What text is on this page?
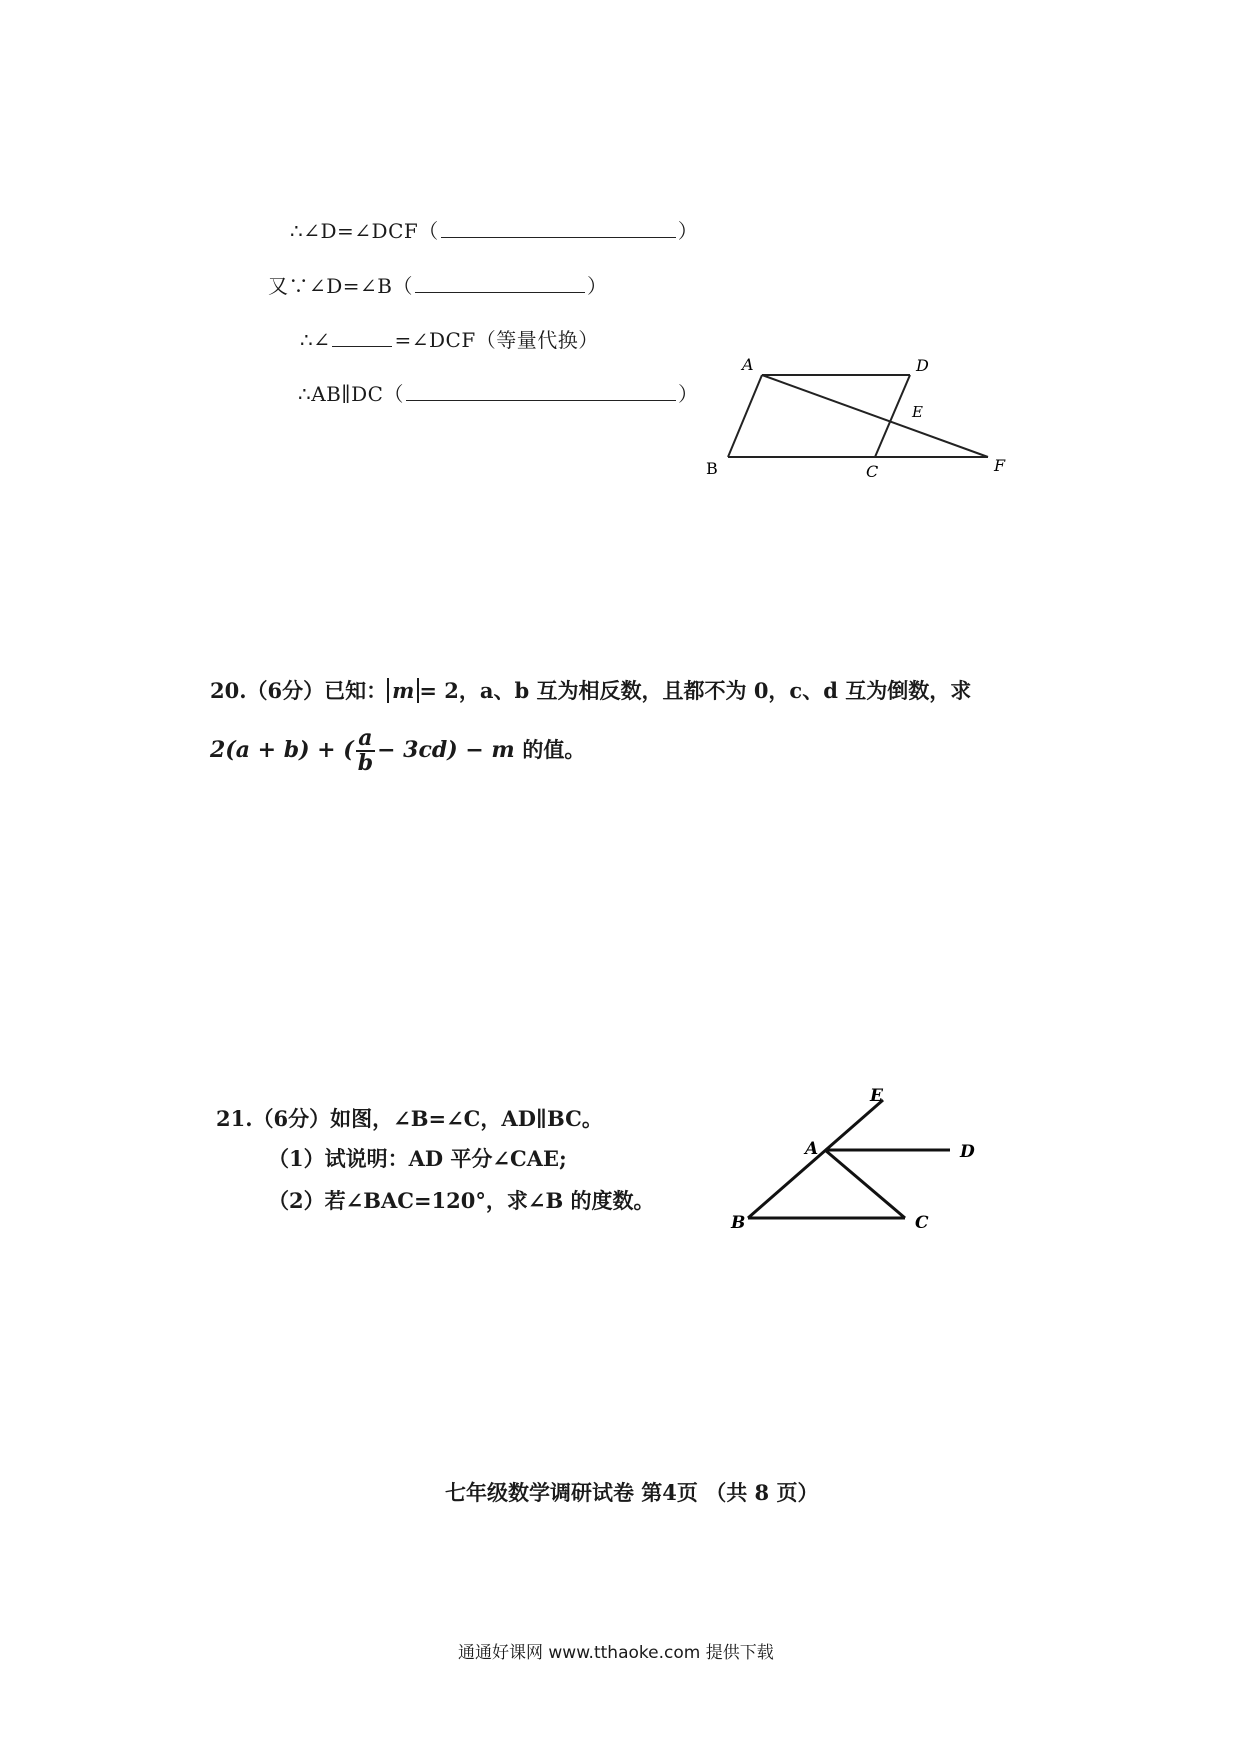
∴∠D=∠DCF（	）
又∵∠D=∠B（	）
∴∠	=∠DCF（等量代换）
∴AB∥DC（	）
A	D
E
B	C	F
20.（6分）已知： m = 2，a、b 互为相反数，且都不为 0，c、d 互为倒数，求
2(a + b) + ( $\frac{a}{b} - 3cd) - m$ 的值。
21.（6分）如图，∠B=∠C，AD∥BC。
（1）试说明：AD 平分∠CAE;
（2）若∠BAC=120°，求∠B 的度数。
E
A	D
B	C
七年级数学调研试卷 第4页 （共 8 页）
通通好课网 www.tthaoke.com 提供下载
